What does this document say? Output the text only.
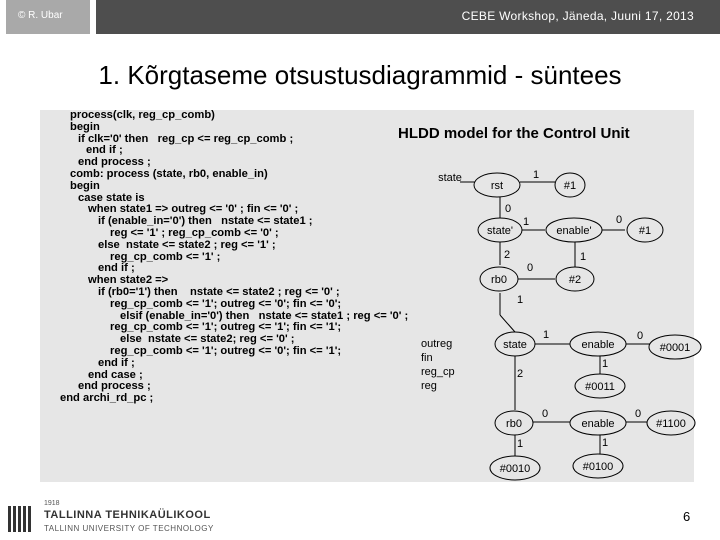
© R. Ubar	CEBE Workshop, Jäneda, Juuni 17, 2013
1. Kõrgtaseme otsustusdiagrammid - süntees
process(clk, reg_cp_comb)
begin
if clk='0' then   reg_cp <= reg_cp_comb ;
end if ;
end process ;
comb: process (state, rb0, enable_in)
begin
case state is
when state1 => outreg <= '0' ; fin <= '0' ;
if (enable_in='0') then   nstate <= state1 ;
reg <= '1' ; reg_cp_comb <= '0' ;
else  nstate <= state2 ; reg <= '1' ;
reg_cp_comb <= '1' ;
end if ;
when state2 =>
if (rb0='1') then    nstate <= state2 ; reg <= '0' ;
reg_cp_comb <= '1'; outreg <= '0'; fin <= '0';
elsif (enable_in='0') then   nstate <= state1 ; reg <= '0' ;
reg_cp_comb <= '1'; outreg <= '1'; fin <= '1';
else  nstate <= state2; reg <= '0' ;
reg_cp_comb <= '1'; outreg <= '0'; fin <= '1';
end if ;
end case ;
end process ;
end archi_rd_pc ;
HLDD model for the Control Unit
state
rst	#1
state'	enable'	#1
rb0	#2
state	enable	#0001
#0011
rb0	enable	#1100
#0010	#0100
1
0
1
2
0
1
0
1
1
2
0
1
0
1
0
1
outreg
fin
reg_cp
reg
1918
TALLINNA TEHNIKAÜLIKOOL
TALLINN UNIVERSITY OF TECHNOLOGY
6
